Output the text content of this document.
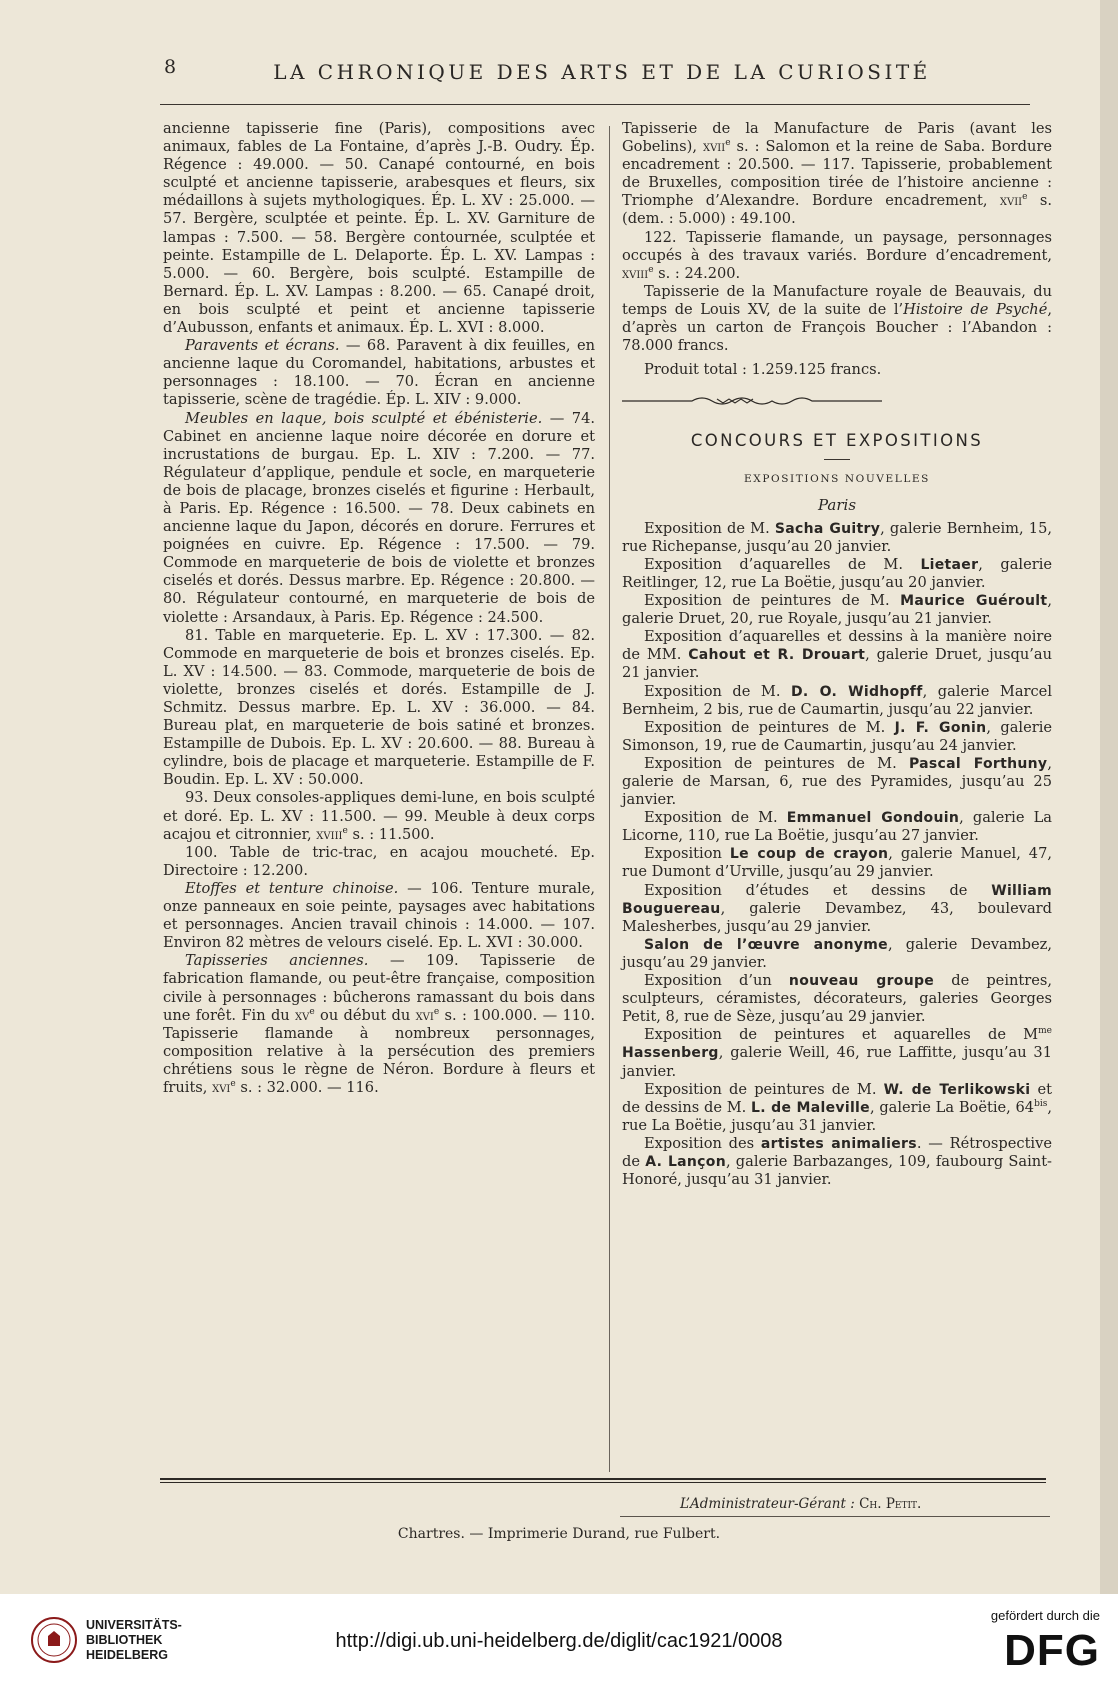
8	LA CHRONIQUE DES ARTS ET DE LA CURIOSITÉ

ancienne tapisserie fine (Paris), compositions avec animaux, fables de La Fontaine, d’après J.-B. Oudry. Ép. Régence : 49.000. — 50. Canapé contourné, en bois sculpté et ancienne tapisserie, arabesques et fleurs, six médaillons à sujets mythologiques. Ép. L. XV : 25.000. — 57. Bergère, sculptée et peinte. Ép. L. XV. Garniture de lampas : 7.500. — 58. Bergère contournée, sculptée et peinte. Estampille de L. Delaporte. Ép. L. XV. Lampas : 5.000. — 60. Bergère, bois sculpté. Estampille de Bernard. Ép. L. XV. Lampas : 8.200. — 65. Canapé droit, en bois sculpté et peint et ancienne tapisserie d’Aubusson, enfants et animaux. Ép. L. XVI : 8.000.

Paravents et écrans. — 68. Paravent à dix feuilles, en ancienne laque du Coromandel, habitations, arbustes et personnages : 18.100. — 70. Écran en ancienne tapisserie, scène de tragédie. Ép. L. XIV : 9.000.

Meubles en laque, bois sculpté et ébénisterie. — 74. Cabinet en ancienne laque noire décorée en dorure et incrustations de burgau. Ep. L. XIV : 7.200. — 77. Régulateur d’applique, pendule et socle, en marqueterie de bois de placage, bronzes ciselés et figurine : Herbault, à Paris. Ep. Régence : 16.500. — 78. Deux cabinets en ancienne laque du Japon, décorés en dorure. Ferrures et poignées en cuivre. Ep. Régence : 17.500. — 79. Commode en marqueterie de bois de violette et bronzes ciselés et dorés. Dessus marbre. Ep. Régence : 20.800. — 80. Régulateur contourné, en marqueterie de bois de violette : Arsandaux, à Paris. Ep. Régence : 24.500.

81. Table en marqueterie. Ep. L. XV : 17.300. — 82. Commode en marqueterie de bois et bronzes ciselés. Ep. L. XV : 14.500. — 83. Commode, marqueterie de bois de violette, bronzes ciselés et dorés. Estampille de J. Schmitz. Dessus marbre. Ep. L. XV : 36.000. — 84. Bureau plat, en marqueterie de bois satiné et bronzes. Estampille de Dubois. Ep. L. XV : 20.600. — 88. Bureau à cylindre, bois de placage et marqueterie. Estampille de F. Boudin. Ep. L. XV : 50.000.

93. Deux consoles-appliques demi-lune, en bois sculpté et doré. Ep. L. XV : 11.500. — 99. Meuble à deux corps acajou et citronnier, xviii$^e$ s. : 11.500.

100. Table de tric-trac, en acajou moucheté. Ep. Directoire : 12.200.

Etoffes et tenture chinoise. — 106. Tenture murale, onze panneaux en soie peinte, paysages avec habitations et personnages. Ancien travail chinois : 14.000. — 107. Environ 82 mètres de velours ciselé. Ep. L. XVI : 30.000.

Tapisseries anciennes. — 109. Tapisserie de fabrication flamande, ou peut-être française, composition civile à personnages : bûcherons ramassant du bois dans une forêt. Fin du $xv^e$ ou début du xvi$^e$ s. : 100.000. — 110. Tapisserie flamande à nombreux personnages, composition relative à la persécution des premiers chrétiens sous le règne de Néron. Bordure à fleurs et fruits, xvi$^e$ s. : 32.000. — 116.

Tapisserie de la Manufacture de Paris (avant les Gobelins), xvii$^e$ s. : Salomon et la reine de Saba. Bordure encadrement : 20.500. — 117. Tapisserie, probablement de Bruxelles, composition tirée de l’histoire ancienne : Triomphe d’Alexandre. Bordure encadrement, xvii$^e$ s. (dem. : 5.000) : 49.100.

122. Tapisserie flamande, un paysage, personnages occupés à des travaux variés. Bordure d’encadrement, xviii$^e$ s. : 24.200.

Tapisserie de la Manufacture royale de Beauvais, du temps de Louis XV, de la suite de l’Histoire de Psyché, d’après un carton de François Boucher : l’Abandon : 78.000 francs.

Produit total : 1.259.125 francs.

CONCOURS ET EXPOSITIONS
EXPOSITIONS NOUVELLES
Paris

Exposition de M. Sacha Guitry, galerie Bernheim, 15, rue Richepanse, jusqu’au 20 janvier.

Exposition d’aquarelles de M. Lietaer, galerie Reitlinger, 12, rue La Boëtie, jusqu’au 20 janvier.

Exposition de peintures de M. Maurice Guéroult, galerie Druet, 20, rue Royale, jusqu’au 21 janvier.

Exposition d’aquarelles et dessins à la manière noire de MM. Cahout et R. Drouart, galerie Druet, jusqu’au 21 janvier.

Exposition de M. D. O. Widhopff, galerie Marcel Bernheim, 2 bis, rue de Caumartin, jusqu’au 22 janvier.

Exposition de peintures de M. J. F. Gonin, galerie Simonson, 19, rue de Caumartin, jusqu’au 24 janvier.

Exposition de peintures de M. Pascal Forthuny, galerie de Marsan, 6, rue des Pyramides, jusqu’au 25 janvier.

Exposition de M. Emmanuel Gondouin, galerie La Licorne, 110, rue La Boëtie, jusqu’au 27 janvier.

Exposition Le coup de crayon, galerie Manuel, 47, rue Dumont d’Urville, jusqu’au 29 janvier.

Exposition d’études et dessins de William Bouguereau, galerie Devambez, 43, boulevard Malesherbes, jusqu’au 29 janvier.

Salon de l’œuvre anonyme, galerie Devambez, jusqu’au 29 janvier.

Exposition d’un nouveau groupe de peintres, sculpteurs, céramistes, décorateurs, galeries Georges Petit, 8, rue de Sèze, jusqu’au 29 janvier.

Exposition de peintures et aquarelles de $M^{me}$ Hassenberg, galerie Weill, 46, rue Laffitte, jusqu’au 31 janvier.

Exposition de peintures de M. W. de Terlikowski et de dessins de M. L. de Maleville, galerie La Boëtie, $64^{bis}$, rue La Boëtie, jusqu’au 31 janvier.

Exposition des artistes animaliers. — Rétrospective de A. Lançon, galerie Barbazanges, 109, faubourg Saint-Honoré, jusqu’au 31 janvier.

L’Administrateur-Gérant : Ch. Petit.
Chartres. — Imprimerie Durand, rue Fulbert.
UNIVERSITÄTS-
BIBLIOTHEK
HEIDELBERG
http://digi.ub.uni-heidelberg.de/diglit/cac1921/0008
gefördert durch die
DFG
